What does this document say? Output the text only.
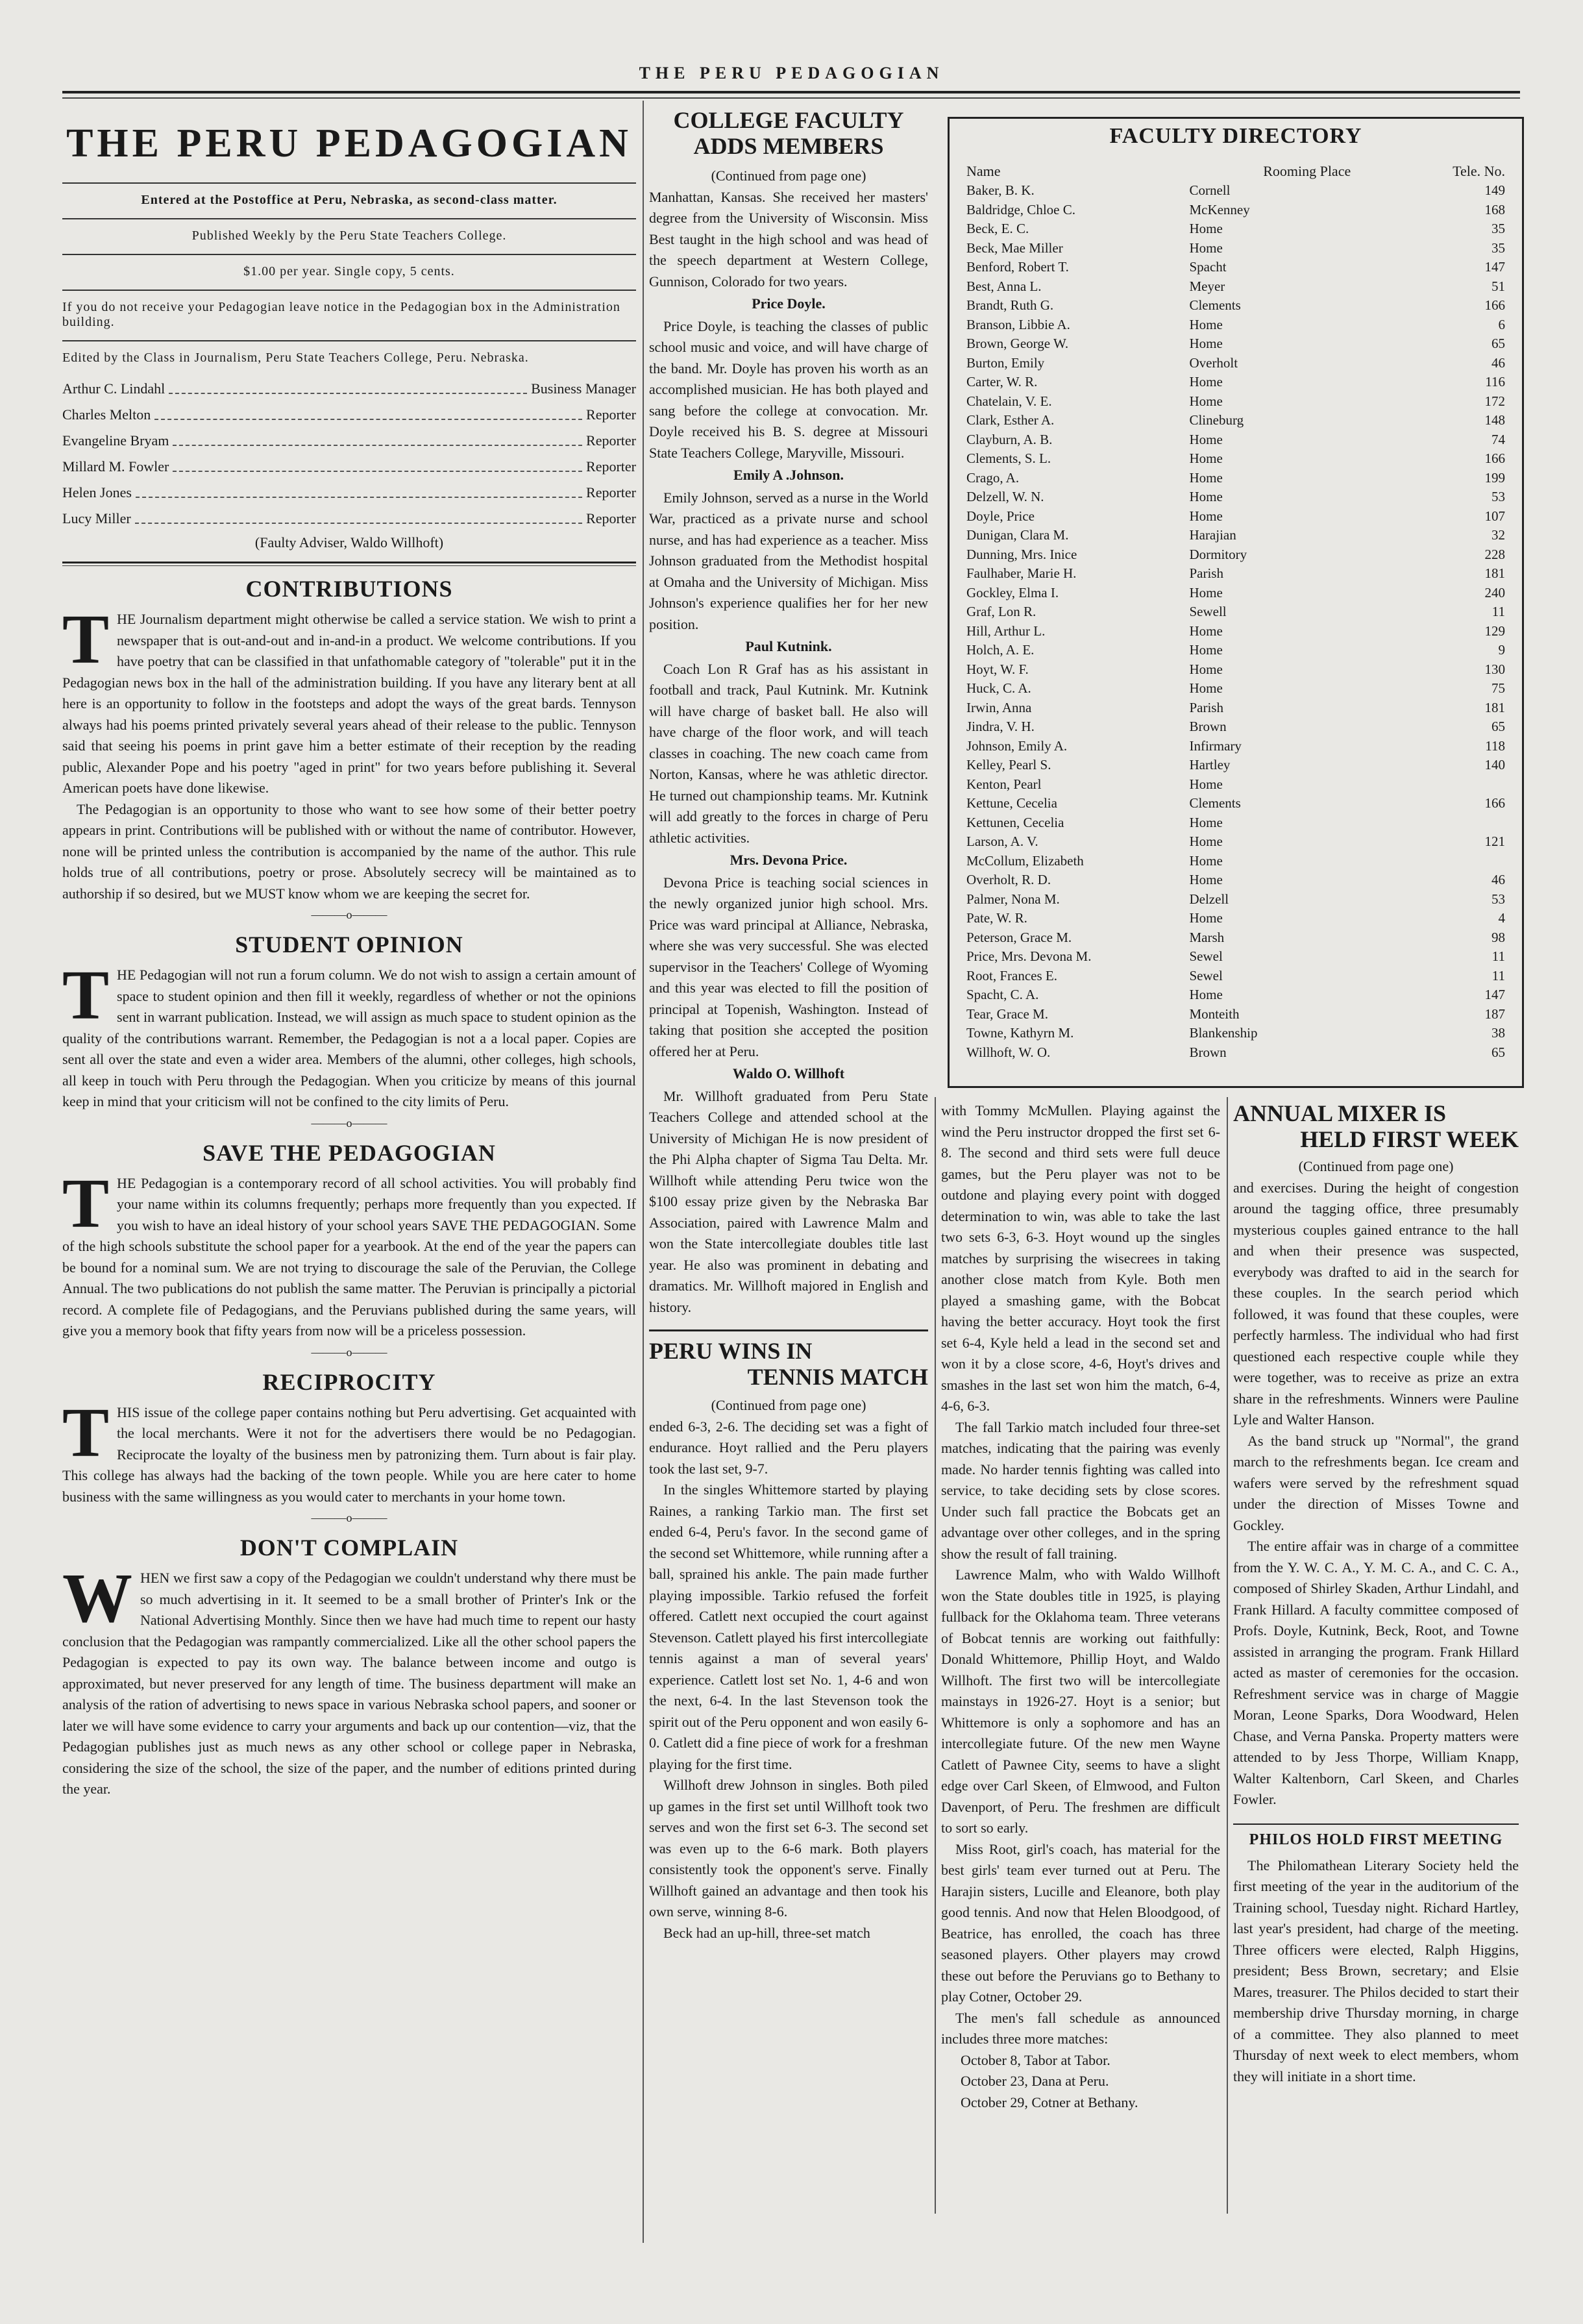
THE PERU PEDAGOGIAN
THE PERU PEDAGOGIAN
Entered at the Postoffice at Peru, Nebraska, as second-class matter.
Published Weekly by the Peru State Teachers College.
$1.00 per year. Single copy, 5 cents.
If you do not receive your Pedagogian leave notice in the Pedagogian box in the Administration building.
Edited by the Class in Journalism, Peru State Teachers College, Peru. Nebraska.
Arthur C. Lindahl	Business Manager
Charles Melton	Reporter
Evangeline Bryam	Reporter
Millard M. Fowler	Reporter
Helen Jones	Reporter
Lucy Miller	Reporter
(Faulty Adviser, Waldo Willhoft)
CONTRIBUTIONS
T HE Journalism department might otherwise be called a service station. We wish to print a newspaper that is out-and-out and in-and-in a product. We welcome contributions. If you have poetry that can be classified in that unfathomable category of "tolerable" put it in the Pedagogian news box in the hall of the administration building. If you have any literary bent at all here is an opportunity to follow in the footsteps and adopt the ways of the great bards. Tennyson always had his poems printed privately several years ahead of their release to the public. Tennyson said that seeing his poems in print gave him a better estimate of their reception by the reading public, Alexander Pope and his poetry "aged in print" for two years before publishing it. Several American poets have done likewise.

The Pedagogian is an opportunity to those who want to see how some of their better poetry appears in print. Contributions will be published with or without the name of contributor. However, none will be printed unless the contribution is accompanied by the name of the author. This rule holds true of all contributions, poetry or prose. Absolutely secrecy will be maintained as to authorship if so desired, but we MUST know whom we are keeping the secret for.

———o———
STUDENT OPINION
T HE Pedagogian will not run a forum column. We do not wish to assign a certain amount of space to student opinion and then fill it weekly, regardless of whether or not the opinions sent in warrant publication. Instead, we will assign as much space to student opinion as the quality of the contributions warrant. Remember, the Pedagogian is not a a local paper. Copies are sent all over the state and even a wider area. Members of the alumni, other colleges, high schools, all keep in touch with Peru through the Pedagogian. When you criticize by means of this journal keep in mind that your criticism will not be confined to the city limits of Peru.
———o———
SAVE THE PEDAGOGIAN
T HE Pedagogian is a contemporary record of all school activities. You will probably find your name within its columns frequently; perhaps more frequently than you expected. If you wish to have an ideal history of your school years SAVE THE PEDAGOGIAN. Some of the high schools substitute the school paper for a yearbook. At the end of the year the papers can be bound for a nominal sum. We are not trying to discourage the sale of the Peruvian, the College Annual. The two publications do not publish the same matter. The Peruvian is principally a pictorial record. A complete file of Pedagogians, and the Peruvians published during the same years, will give you a memory book that fifty years from now will be a priceless possession.
———o———
RECIPROCITY
T HIS issue of the college paper contains nothing but Peru advertising. Get acquainted with the local merchants. Were it not for the advertisers there would be no Pedagogian. Reciprocate the loyalty of the business men by patronizing them. Turn about is fair play. This college has always had the backing of the town people. While you are here cater to home business with the same willingness as you would cater to merchants in your home town.
———o———
DON'T COMPLAIN
W HEN we first saw a copy of the Pedagogian we couldn't understand why there must be so much advertising in it. It seemed to be a small brother of Printer's Ink or the National Advertising Monthly. Since then we have had much time to repent our hasty conclusion that the Pedagogian was rampantly commercialized. Like all the other school papers the Pedagogian is expected to pay its own way. The balance between income and outgo is approximated, but never preserved for any length of time. The business department will make an analysis of the ration of advertising to news space in various Nebraska school papers, and sooner or later we will have some evidence to carry your arguments and back up our contention—viz, that the Pedagogian publishes just as much news as any other school or college paper in Nebraska, considering the size of the school, the size of the paper, and the number of editions printed during the year.
COLLEGE FACULTY ADDS MEMBERS
(Continued from page one)

Manhattan, Kansas. She received her masters' degree from the University of Wisconsin. Miss Best taught in the high school and was head of the speech department at Western College, Gunnison, Colorado for two years.

Price Doyle.

Price Doyle, is teaching the classes of public school music and voice, and will have charge of the band. Mr. Doyle has proven his worth as an accomplished musician. He has both played and sang before the college at convocation. Mr. Doyle received his B. S. degree at Missouri State Teachers College, Maryville, Missouri.

Emily A .Johnson.

Emily Johnson, served as a nurse in the World War, practiced as a private nurse and school nurse, and has had experience as a teacher. Miss Johnson graduated from the Methodist hospital at Omaha and the University of Michigan. Miss Johnson's experience qualifies her for her new position.

Paul Kutnink.

Coach Lon R Graf has as his assistant in football and track, Paul Kutnink. Mr. Kutnink will have charge of basket ball. He also will have charge of the floor work, and will teach classes in coaching. The new coach came from Norton, Kansas, where he was athletic director. He turned out championship teams. Mr. Kutnink will add greatly to the forces in charge of Peru athletic activities.

Mrs. Devona Price.

Devona Price is teaching social sciences in the newly organized junior high school. Mrs. Price was ward principal at Alliance, Nebraska, where she was very successful. She was elected supervisor in the Teachers' College of Wyoming and this year was elected to fill the position of principal at Topenish, Washington. Instead of taking that position she accepted the position offered her at Peru.

Waldo O. Willhoft

Mr. Willhoft graduated from Peru State Teachers College and attended school at the University of Michigan He is now president of the Phi Alpha chapter of Sigma Tau Delta. Mr. Willhoft while attending Peru twice won the $100 essay prize given by the Nebraska Bar Association, paired with Lawrence Malm and won the State intercollegiate doubles title last year. He also was prominent in debating and dramatics. Mr. Willhoft majored in English and history.

PERU WINS IN
TENNIS MATCH
(Continued from page one)

ended 6-3, 2-6. The deciding set was a fight of endurance. Hoyt rallied and the Peru players took the last set, 9-7.

In the singles Whittemore started by playing Raines, a ranking Tarkio man. The first set ended 6-4, Peru's favor. In the second game of the second set Whittemore, while running after a ball, sprained his ankle. The pain made further playing impossible. Tarkio refused the forfeit offered. Catlett next occupied the court against Stevenson. Catlett played his first intercollegiate tennis against a man of several years' experience. Catlett lost set No. 1, 4-6 and won the next, 6-4. In the last Stevenson took the spirit out of the Peru opponent and won easily 6-0. Catlett did a fine piece of work for a freshman playing for the first time.

Willhoft drew Johnson in singles. Both piled up games in the first set until Willhoft took two serves and won the first set 6-3. The second set was even up to the 6-6 mark. Both players consistently took the opponent's serve. Finally Willhoft gained an advantage and then took his own serve, winning 8-6.

Beck had an up-hill, three-set match

FACULTY DIRECTORY
Name	Rooming Place	Tele. No.
Baker, B. K.	Cornell	149
Baldridge, Chloe C.	McKenney	168
Beck, E. C.	Home	35
Beck, Mae Miller	Home	35
Benford, Robert T.	Spacht	147
Best, Anna L.	Meyer	51
Brandt, Ruth G.	Clements	166
Branson, Libbie A.	Home	6
Brown, George W.	Home	65
Burton, Emily	Overholt	46
Carter, W. R.	Home	116
Chatelain, V. E.	Home	172
Clark, Esther A.	Clineburg	148
Clayburn, A. B.	Home	74
Clements, S. L.	Home	166
Crago, A.	Home	199
Delzell, W. N.	Home	53
Doyle, Price	Home	107
Dunigan, Clara M.	Harajian	32
Dunning, Mrs. Inice	Dormitory	228
Faulhaber, Marie H.	Parish	181
Gockley, Elma I.	Home	240
Graf, Lon R.	Sewell	11
Hill, Arthur L.	Home	129
Holch, A. E.	Home	9
Hoyt, W. F.	Home	130
Huck, C. A.	Home	75
Irwin, Anna	Parish	181
Jindra, V. H.	Brown	65
Johnson, Emily A.	Infirmary	118
Kelley, Pearl S.	Hartley	140
Kenton, Pearl	Home
Kettune, Cecelia	Clements	166
Kettunen, Cecelia	Home
Larson, A. V.	Home	121
McCollum, Elizabeth	Home
Overholt, R. D.	Home	46
Palmer, Nona M.	Delzell	53
Pate, W. R.	Home	4
Peterson, Grace M.	Marsh	98
Price, Mrs. Devona M.	Sewel	11
Root, Frances E.	Sewel	11
Spacht, C. A.	Home	147
Tear, Grace M.	Monteith	187
Towne, Kathyrn M.	Blankenship	38
Willhoft, W. O.	Brown	65

with Tommy McMullen. Playing against the wind the Peru instructor dropped the first set 6-8. The second and third sets were full deuce games, but the Peru player was not to be outdone and playing every point with dogged determination to win, was able to take the last two sets 6-3, 6-3. Hoyt wound up the singles matches by surprising the wisecrees in taking another close match from Kyle. Both men played a smashing game, with the Bobcat having the better accuracy. Hoyt took the first set 6-4, Kyle held a lead in the second set and won it by a close score, 4-6, Hoyt's drives and smashes in the last set won him the match, 6-4, 4-6, 6-3.

The fall Tarkio match included four three-set matches, indicating that the pairing was evenly made. No harder tennis fighting was called into service, to take deciding sets by close scores. Under such fall practice the Bobcats get an advantage over other colleges, and in the spring show the result of fall training.

Lawrence Malm, who with Waldo Willhoft won the State doubles title in 1925, is playing fullback for the Oklahoma team. Three veterans of Bobcat tennis are working out faithfully: Donald Whittemore, Phillip Hoyt, and Waldo Willhoft. The first two will be intercollegiate mainstays in 1926-27. Hoyt is a senior; but Whittemore is only a sophomore and has an intercollegiate future. Of the new men Wayne Catlett of Pawnee City, seems to have a slight edge over Carl Skeen, of Elmwood, and Fulton Davenport, of Peru. The freshmen are difficult to sort so early.

Miss Root, girl's coach, has material for the best girls' team ever turned out at Peru. The Harajin sisters, Lucille and Eleanore, both play good tennis. And now that Helen Bloodgood, of Beatrice, has enrolled, the coach has three seasoned players. Other players may crowd these out before the Peruvians go to Bethany to play Cotner, October 29.

The men's fall schedule as announced includes three more matches:

October 8, Tabor at Tabor.
October 23, Dana at Peru.
October 29, Cotner at Bethany.
ANNUAL MIXER IS
HELD FIRST WEEK
(Continued from page one)

and exercises. During the height of congestion around the tagging office, three presumably mysterious couples gained entrance to the hall and when their presence was suspected, everybody was drafted to aid in the search for these couples. In the search period which followed, it was found that these couples, were perfectly harmless. The individual who had first questioned each respective couple while they were together, was to receive as prize an extra share in the refreshments. Winners were Pauline Lyle and Walter Hanson.

As the band struck up "Normal", the grand march to the refreshments began. Ice cream and wafers were served by the refreshment squad under the direction of Misses Towne and Gockley.

The entire affair was in charge of a committee from the Y. W. C. A., Y. M. C. A., and C. C. A., composed of Shirley Skaden, Arthur Lindahl, and Frank Hillard. A faculty committee composed of Profs. Doyle, Kutnink, Beck, Root, and Towne assisted in arranging the program. Frank Hillard acted as master of ceremonies for the occasion. Refreshment service was in charge of Maggie Moran, Leone Sparks, Dora Woodward, Helen Chase, and Verna Panska. Property matters were attended to by Jess Thorpe, William Knapp, Walter Kaltenborn, Carl Skeen, and Charles Fowler.

PHILOS HOLD FIRST MEETING

The Philomathean Literary Society held the first meeting of the year in the auditorium of the Training school, Tuesday night. Richard Hartley, last year's president, had charge of the meeting. Three officers were elected, Ralph Higgins, president; Bess Brown, secretary; and Elsie Mares, treasurer. The Philos decided to start their membership drive Thursday morning, in charge of a committee. They also planned to meet Thursday of next week to elect members, whom they will initiate in a short time.
